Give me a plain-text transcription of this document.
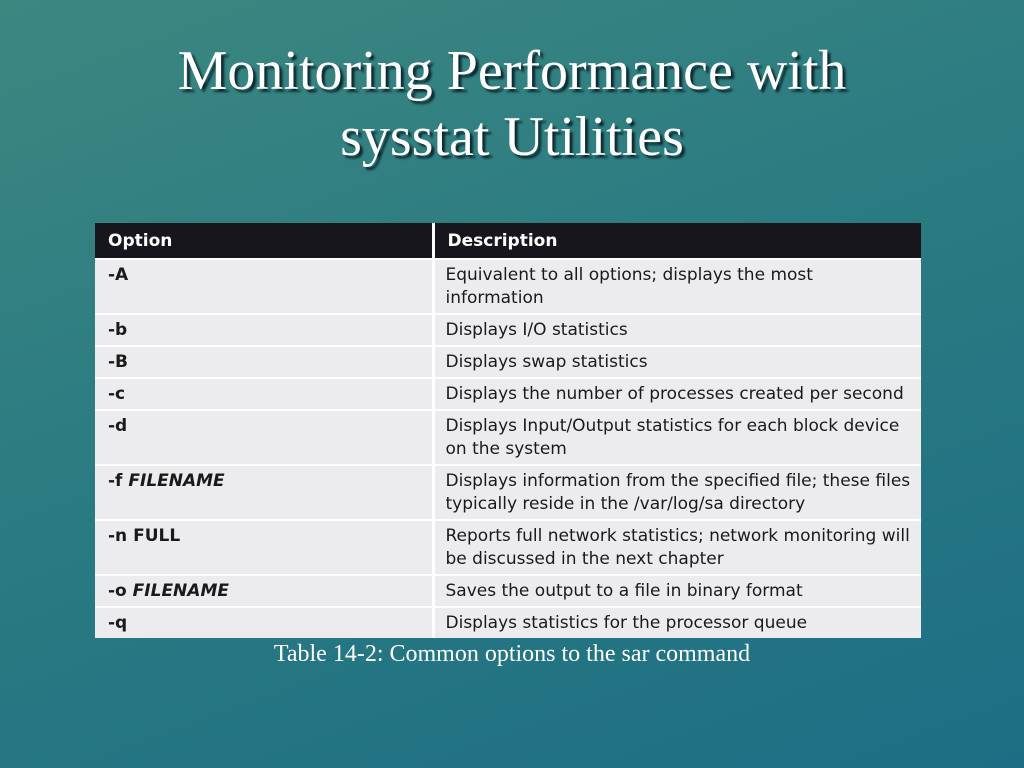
Monitoring Performance with
sysstat Utilities
Option	Description
-A	Equivalent to all options; displays the most information
-b	Displays I/O statistics
-B	Displays swap statistics
-c	Displays the number of processes created per second
-d	Displays Input/Output statistics for each block device on the system
-f FILENAME	Displays information from the specified file; these files typically reside in the /var/log/sa directory
-n FULL	Reports full network statistics; network monitoring will be discussed in the next chapter
-o FILENAME	Saves the output to a file in binary format
-q	Displays statistics for the processor queue
Table 14-2: Common options to the sar command
